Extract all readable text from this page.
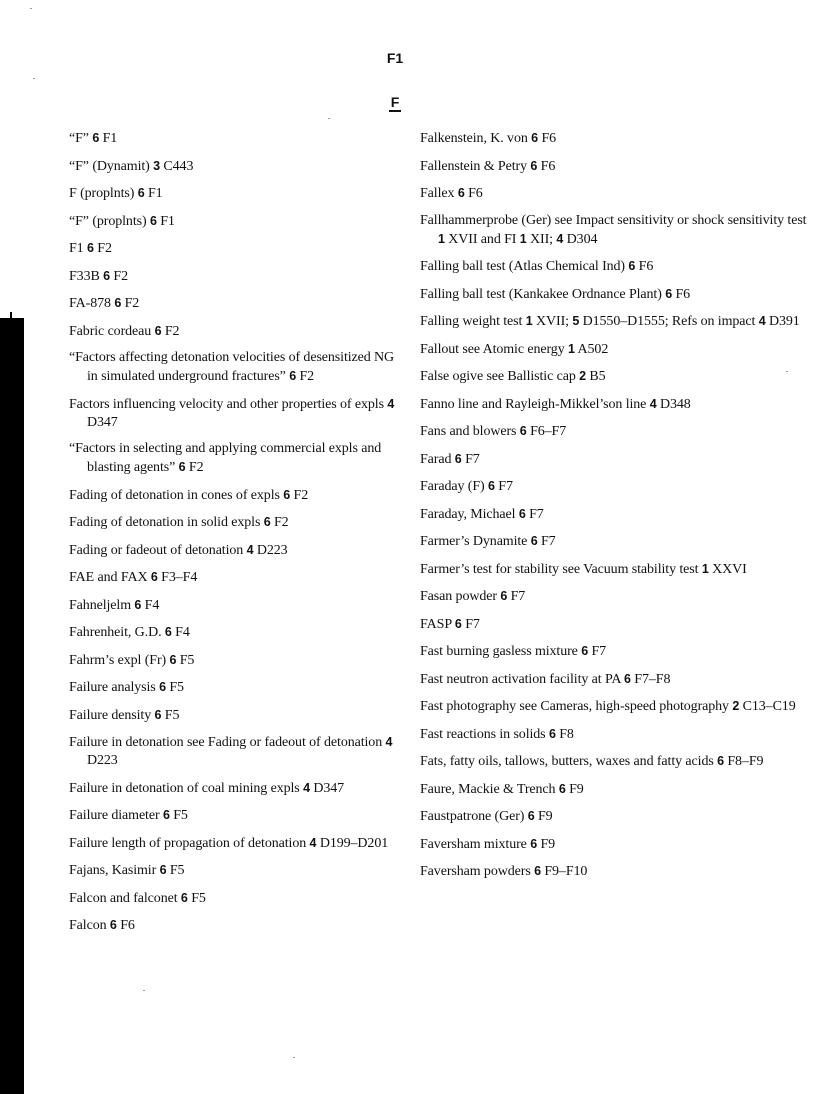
F1
F
“F” 6 F1
“F” (Dynamit) 3 C443
F (proplnts) 6 F1
“F” (proplnts) 6 F1
F1 6 F2
F33B 6 F2
FA-878 6 F2
Fabric cordeau 6 F2
“Factors affecting detonation velocities of desensitized NG in simulated underground fractures” 6 F2
Factors influencing velocity and other properties of expls 4 D347
“Factors in selecting and applying commercial expls and blasting agents” 6 F2
Fading of detonation in cones of expls 6 F2
Fading of detonation in solid expls 6 F2
Fading or fadeout of detonation 4 D223
FAE and FAX 6 F3–F4
Fahneljelm 6 F4
Fahrenheit, G.D. 6 F4
Fahrm’s expl (Fr) 6 F5
Failure analysis 6 F5
Failure density 6 F5
Failure in detonation see Fading or fadeout of detonation 4 D223
Failure in detonation of coal mining expls 4 D347
Failure diameter 6 F5
Failure length of propagation of detonation 4 D199–D201
Fajans, Kasimir 6 F5
Falcon and falconet 6 F5
Falcon 6 F6
Falkenstein, K. von 6 F6
Fallenstein & Petry 6 F6
Fallex 6 F6
Fallhammerprobe (Ger) see Impact sensitivity or shock sensitivity test 1 XVII and FI 1 XII; 4 D304
Falling ball test (Atlas Chemical Ind) 6 F6
Falling ball test (Kankakee Ordnance Plant) 6 F6
Falling weight test 1 XVII; 5 D1550–D1555; Refs on impact 4 D391
Fallout see Atomic energy 1 A502
False ogive see Ballistic cap 2 B5
Fanno line and Rayleigh-Mikkel’son line 4 D348
Fans and blowers 6 F6–F7
Farad 6 F7
Faraday (F) 6 F7
Faraday, Michael 6 F7
Farmer’s Dynamite 6 F7
Farmer’s test for stability see Vacuum stability test 1 XXVI
Fasan powder 6 F7
FASP 6 F7
Fast burning gasless mixture 6 F7
Fast neutron activation facility at PA 6 F7–F8
Fast photography see Cameras, high-speed photography 2 C13–C19
Fast reactions in solids 6 F8
Fats, fatty oils, tallows, butters, waxes and fatty acids 6 F8–F9
Faure, Mackie & Trench 6 F9
Faustpatrone (Ger) 6 F9
Faversham mixture 6 F9
Faversham powders 6 F9–F10
